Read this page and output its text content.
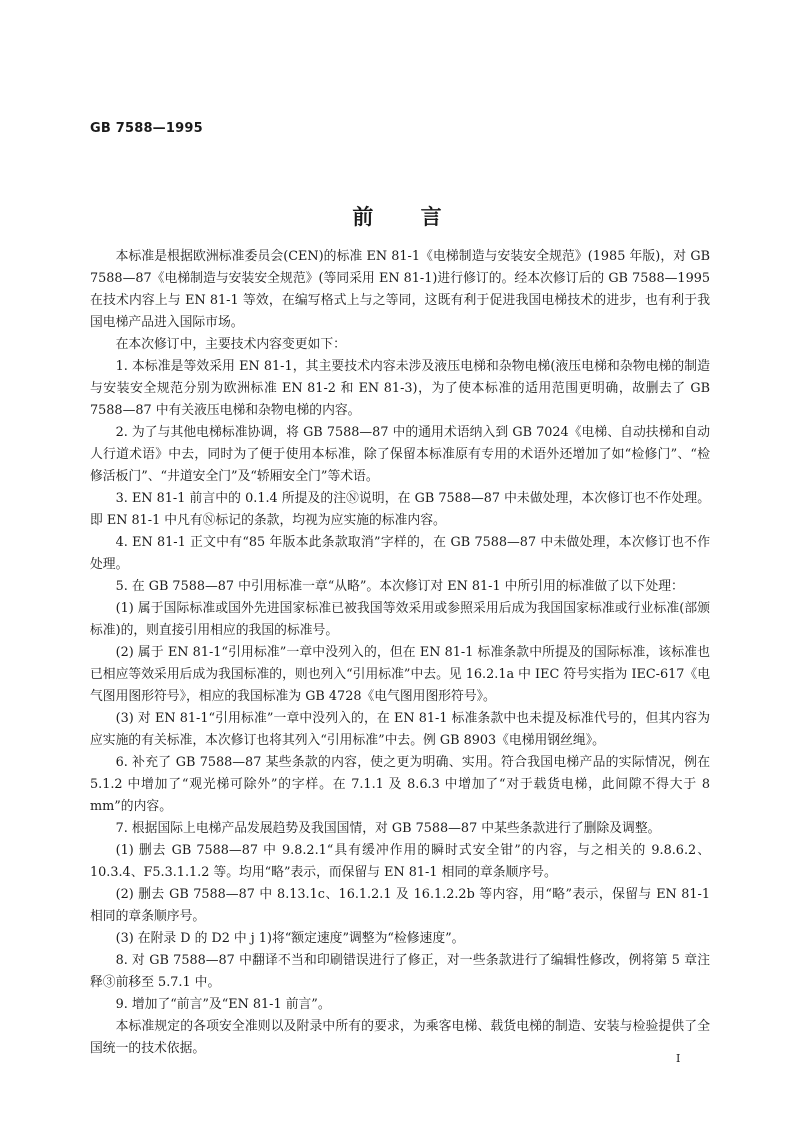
GB 7588—1995
前 言

本标准是根据欧洲标准委员会(CEN)的标准 EN 81-1《电梯制造与安装安全规范》(1985 年版)，对 GB 7588—87《电梯制造与安装安全规范》(等同采用 EN 81-1)进行修订的。经本次修订后的 GB 7588—1995 在技术内容上与 EN 81-1 等效，在编写格式上与之等同，这既有利于促进我国电梯技术的进步，也有利于我国电梯产品进入国际市场。

在本次修订中，主要技术内容变更如下：

1. 本标准是等效采用 EN 81-1，其主要技术内容未涉及液压电梯和杂物电梯(液压电梯和杂物电梯的制造与安装安全规范分别为欧洲标准 EN 81-2 和 EN 81-3)，为了使本标准的适用范围更明确，故删去了 GB 7588—87 中有关液压电梯和杂物电梯的内容。

2. 为了与其他电梯标准协调，将 GB 7588—87 中的通用术语纳入到 GB 7024《电梯、自动扶梯和自动人行道术语》中去，同时为了便于使用本标准，除了保留本标准原有专用的术语外还增加了如“检修门”、“检修活板门”、“井道安全门”及“轿厢安全门”等术语。

3. EN 81-1 前言中的 0.1.4 所提及的注Ⓝ说明，在 GB 7588—87 中未做处理，本次修订也不作处理。即 EN 81-1 中凡有Ⓝ标记的条款，均视为应实施的标准内容。

4. EN 81-1 正文中有“85 年版本此条款取消”字样的，在 GB 7588—87 中未做处理，本次修订也不作处理。

5. 在 GB 7588—87 中引用标准一章“从略”。本次修订对 EN 81-1 中所引用的标准做了以下处理：

(1) 属于国际标准或国外先进国家标准已被我国等效采用或参照采用后成为我国国家标准或行业标准(部颁标准)的，则直接引用相应的我国的标准号。

(2) 属于 EN 81-1“引用标准”一章中没列入的，但在 EN 81-1 标准条款中所提及的国际标准，该标准也已相应等效采用后成为我国标准的，则也列入“引用标准”中去。见 16.2.1a 中 IEC 符号实指为 IEC-617《电气图用图形符号》，相应的我国标准为 GB 4728《电气图用图形符号》。

(3) 对 EN 81-1“引用标准”一章中没列入的，在 EN 81-1 标准条款中也未提及标准代号的，但其内容为应实施的有关标准，本次修订也将其列入“引用标准”中去。例 GB 8903《电梯用钢丝绳》。

6. 补充了 GB 7588—87 某些条款的内容，使之更为明确、实用。符合我国电梯产品的实际情况，例在 5.1.2 中增加了“观光梯可除外”的字样。在 7.1.1 及 8.6.3 中增加了“对于载货电梯，此间隙不得大于 8 mm”的内容。

7. 根据国际上电梯产品发展趋势及我国国情，对 GB 7588—87 中某些条款进行了删除及调整。

(1) 删去 GB 7588—87 中 9.8.2.1“具有缓冲作用的瞬时式安全钳”的内容，与之相关的 9.8.6.2、10.3.4、F5.3.1.1.2 等。均用“略”表示，而保留与 EN 81-1 相同的章条顺序号。

(2) 删去 GB 7588—87 中 8.13.1c、16.1.2.1 及 16.1.2.2b 等内容，用“略”表示，保留与 EN 81-1 相同的章条顺序号。

(3) 在附录 D 的 D2 中 j 1)将“额定速度”调整为“检修速度”。

8. 对 GB 7588—87 中翻译不当和印刷错误进行了修正，对一些条款进行了编辑性修改，例将第 5 章注释③前移至 5.7.1 中。

9. 增加了“前言”及“EN 81-1 前言”。

本标准规定的各项安全准则以及附录中所有的要求，为乘客电梯、载货电梯的制造、安装与检验提供了全国统一的技术依据。

I
